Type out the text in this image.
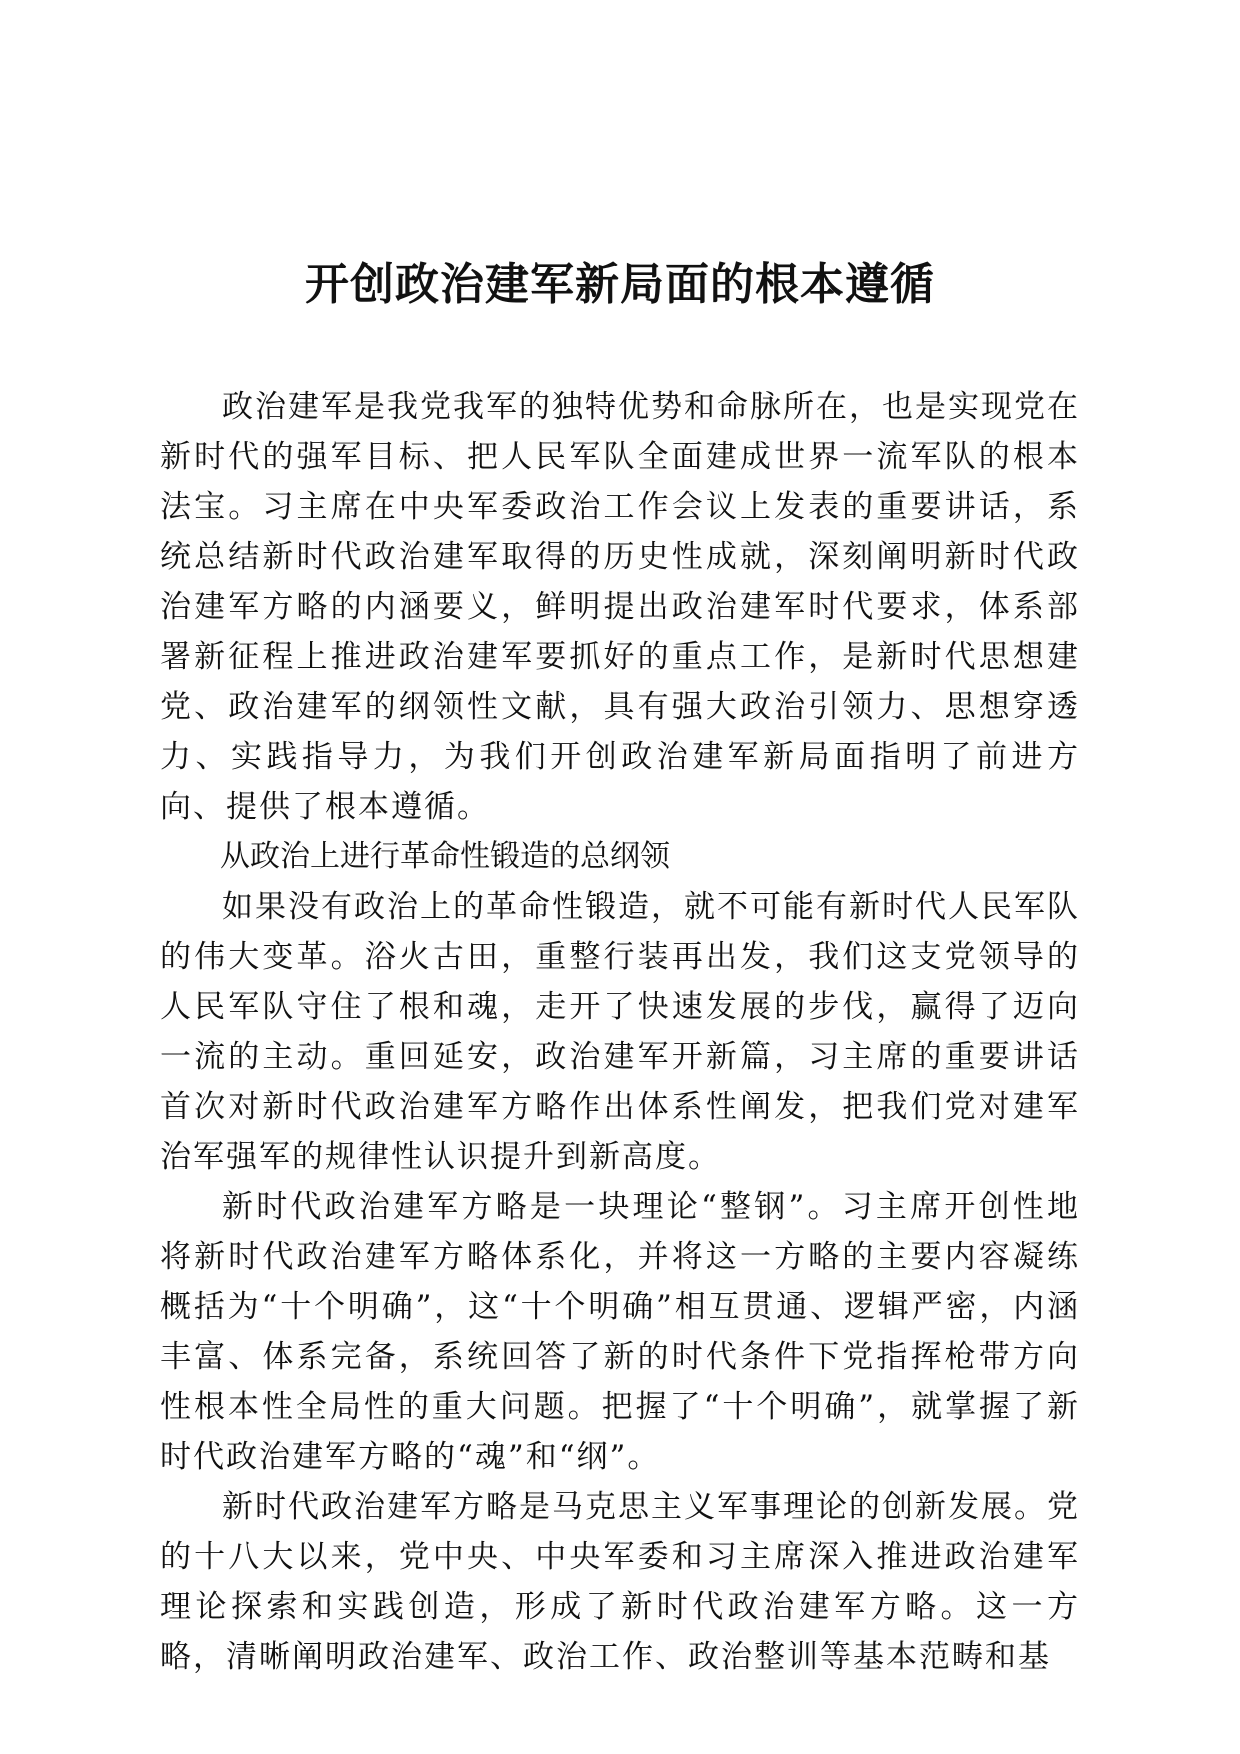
开创政治建军新局面的根本遵循

政治建军是我党我军的独特优势和命脉所在，也是实现党在新时代的强军目标、把人民军队全面建成世界一流军队的根本法宝。习主席在中央军委政治工作会议上发表的重要讲话，系统总结新时代政治建军取得的历史性成就，深刻阐明新时代政治建军方略的内涵要义，鲜明提出政治建军时代要求，体系部署新征程上推进政治建军要抓好的重点工作，是新时代思想建党、政治建军的纲领性文献，具有强大政治引领力、思想穿透力、实践指导力，为我们开创政治建军新局面指明了前进方向、提供了根本遵循。

从政治上进行革命性锻造的总纲领

如果没有政治上的革命性锻造，就不可能有新时代人民军队的伟大变革。浴火古田，重整行装再出发，我们这支党领导的人民军队守住了根和魂，走开了快速发展的步伐，赢得了迈向一流的主动。重回延安，政治建军开新篇，习主席的重要讲话首次对新时代政治建军方略作出体系性阐发，把我们党对建军治军强军的规律性认识提升到新高度。

新时代政治建军方略是一块理论“整钢”。习主席开创性地将新时代政治建军方略体系化，并将这一方略的主要内容凝练概括为“十个明确”，这“十个明确”相互贯通、逻辑严密，内涵丰富、体系完备，系统回答了新的时代条件下党指挥枪带方向性根本性全局性的重大问题。把握了“十个明确”，就掌握了新时代政治建军方略的“魂”和“纲”。

新时代政治建军方略是马克思主义军事理论的创新发展。党的十八大以来，党中央、中央军委和习主席深入推进政治建军理论探索和实践创造，形成了新时代政治建军方略。这一方略，清晰阐明政治建军、政治工作、政治整训等基本范畴和基
